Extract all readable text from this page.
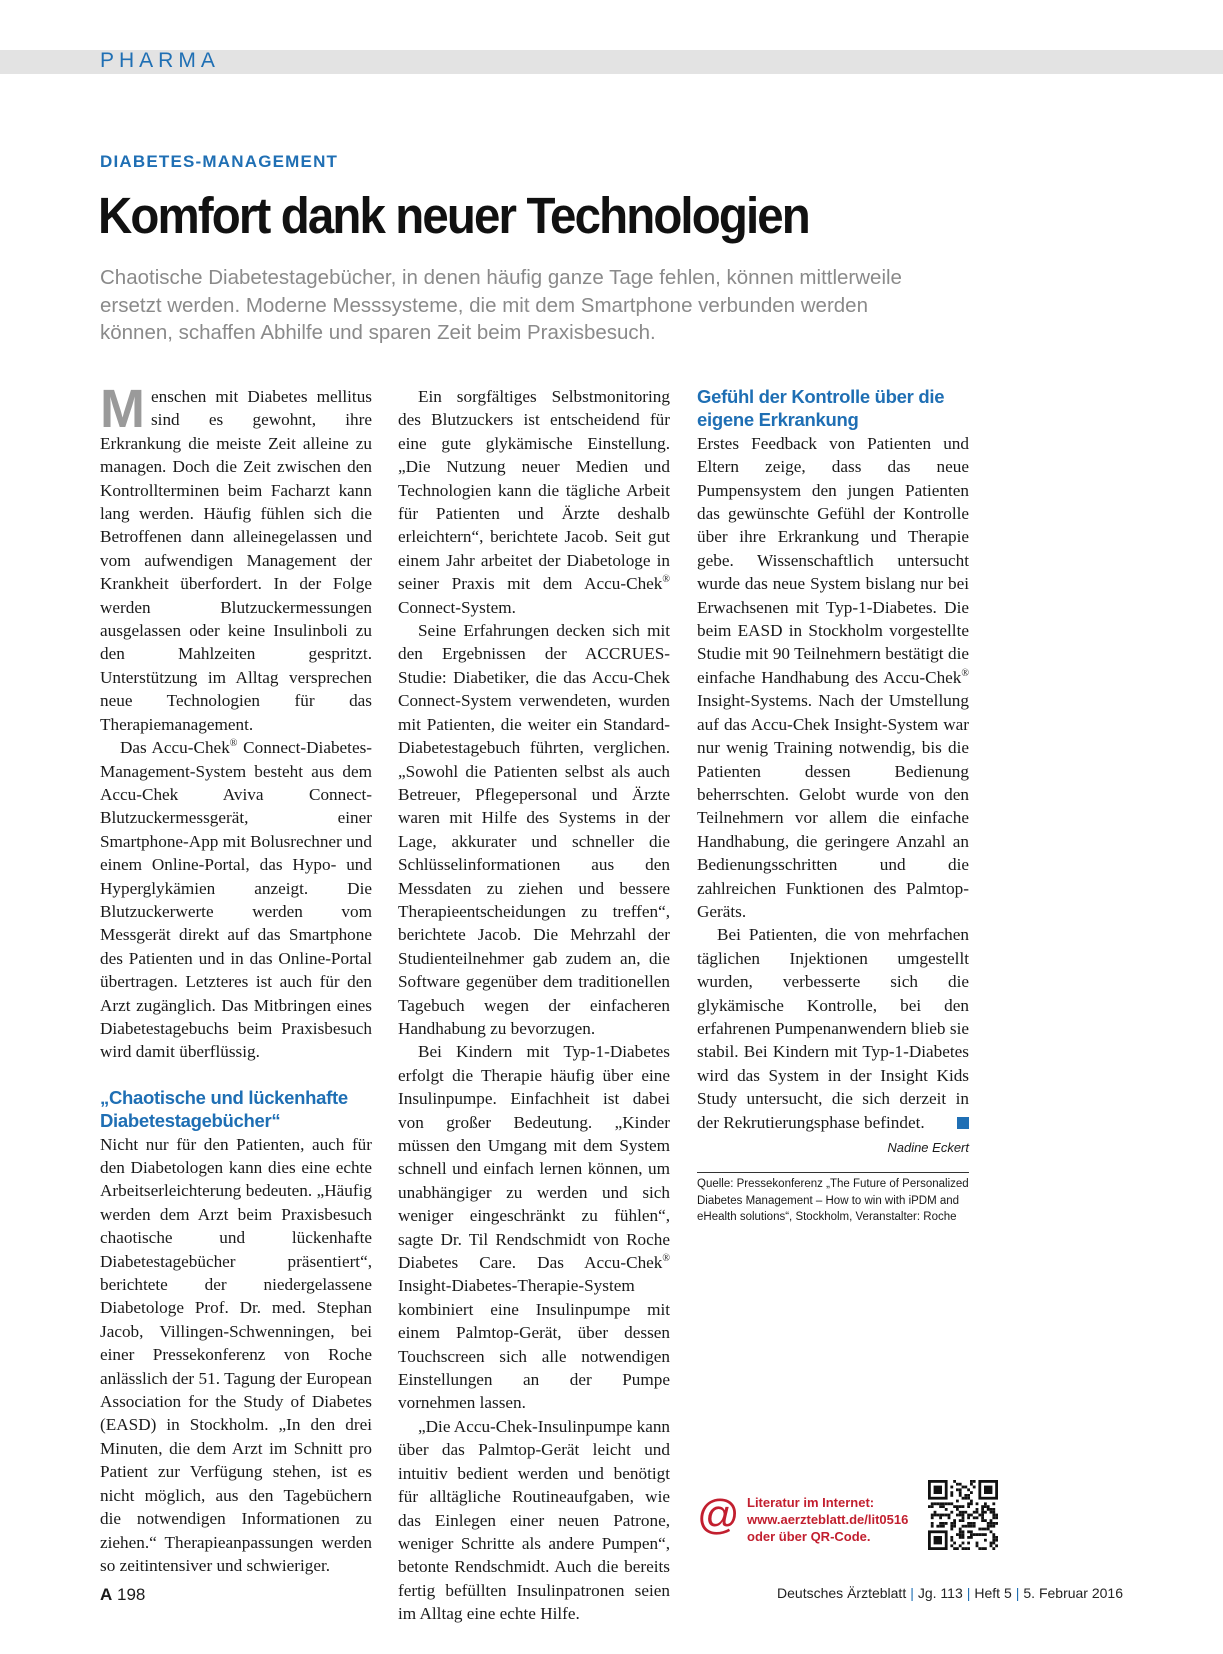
PHARMA
DIABETES-MANAGEMENT
Komfort dank neuer Technologien

Chaotische Diabetestagebücher, in denen häufig ganze Tage fehlen, können mittlerweile ersetzt werden. Moderne Messsysteme, die mit dem Smartphone verbunden werden können, schaffen Abhilfe und sparen Zeit beim Praxisbesuch.

Menschen mit Diabetes mellitus sind es gewohnt, ihre Erkrankung die meiste Zeit alleine zu managen. Doch die Zeit zwischen den Kontrollterminen beim Facharzt kann lang werden. Häufig fühlen sich die Betroffenen dann alleinegelassen und vom aufwendigen Management der Krankheit überfordert. In der Folge werden Blutzuckermessungen ausgelassen oder keine Insulinboli zu den Mahlzeiten gespritzt. Unterstützung im Alltag versprechen neue Technologien für das Therapiemanagement.

Das Accu-Chek® Connect-Diabetes-Management-System besteht aus dem Accu-Chek Aviva Connect-Blutzuckermessgerät, einer Smartphone-App mit Bolusrechner und einem Online-Portal, das Hypo- und Hyperglykämien anzeigt. Die Blutzuckerwerte werden vom Messgerät direkt auf das Smartphone des Patienten und in das Online-Portal übertragen. Letzteres ist auch für den Arzt zugänglich. Das Mitbringen eines Diabetestagebuchs beim Praxisbesuch wird damit überflüssig.

„Chaotische und lückenhafte Diabetestagebücher“

Nicht nur für den Patienten, auch für den Diabetologen kann dies eine echte Arbeitserleichterung bedeuten. „Häufig werden dem Arzt beim Praxisbesuch chaotische und lückenhafte Diabetestagebücher präsentiert“, berichtete der niedergelassene Diabetologe Prof. Dr. med. Stephan Jacob, Villingen-Schwenningen, bei einer Pressekonferenz von Roche anlässlich der 51. Tagung der European Association for the Study of Diabetes (EASD) in Stockholm. „In den drei Minuten, die dem Arzt im Schnitt pro Patient zur Verfügung stehen, ist es nicht möglich, aus den Tagebüchern die notwendigen Informationen zu ziehen.“ Therapieanpassungen werden so zeitintensiver und schwieriger.

Ein sorgfältiges Selbstmonitoring des Blutzuckers ist entscheidend für eine gute glykämische Einstellung. „Die Nutzung neuer Medien und Technologien kann die tägliche Arbeit für Patienten und Ärzte deshalb erleichtern“, berichtete Jacob. Seit gut einem Jahr arbeitet der Diabetologe in seiner Praxis mit dem Accu-Chek® Connect-System.

Seine Erfahrungen decken sich mit den Ergebnissen der ACCRUES-Studie: Diabetiker, die das Accu-Chek Connect-System verwendeten, wurden mit Patienten, die weiter ein Standard-Diabetestagebuch führten, verglichen. „Sowohl die Patienten selbst als auch Betreuer, Pflegepersonal und Ärzte waren mit Hilfe des Systems in der Lage, akkurater und schneller die Schlüsselinformationen aus den Messdaten zu ziehen und bessere Therapieentscheidungen zu treffen“, berichtete Jacob. Die Mehrzahl der Studienteilnehmer gab zudem an, die Software gegenüber dem traditionellen Tagebuch wegen der einfacheren Handhabung zu bevorzugen.

Bei Kindern mit Typ-1-Diabetes erfolgt die Therapie häufig über eine Insulinpumpe. Einfachheit ist dabei von großer Bedeutung. „Kinder müssen den Umgang mit dem System schnell und einfach lernen können, um unabhängiger zu werden und sich weniger eingeschränkt zu fühlen“, sagte Dr. Til Rendschmidt von Roche Diabetes Care. Das Accu-Chek® Insight-Diabetes-Therapie-System kombiniert eine Insulinpumpe mit einem Palmtop-Gerät, über dessen Touchscreen sich alle notwendigen Einstellungen an der Pumpe vornehmen lassen.

„Die Accu-Chek-Insulinpumpe kann über das Palmtop-Gerät leicht und intuitiv bedient werden und benötigt für alltägliche Routineaufgaben, wie das Einlegen einer neuen Patrone, weniger Schritte als andere Pumpen“, betonte Rendschmidt. Auch die bereits fertig befüllten Insulinpatronen seien im Alltag eine echte Hilfe.

Gefühl der Kontrolle über die eigene Erkrankung

Erstes Feedback von Patienten und Eltern zeige, dass das neue Pumpensystem den jungen Patienten das gewünschte Gefühl der Kontrolle über ihre Erkrankung und Therapie gebe. Wissenschaftlich untersucht wurde das neue System bislang nur bei Erwachsenen mit Typ-1-Diabetes. Die beim EASD in Stockholm vorgestellte Studie mit 90 Teilnehmern bestätigt die einfache Handhabung des Accu-Chek® Insight-Systems. Nach der Umstellung auf das Accu-Chek Insight-System war nur wenig Training notwendig, bis die Patienten dessen Bedienung beherrschten. Gelobt wurde von den Teilnehmern vor allem die einfache Handhabung, die geringere Anzahl an Bedienungsschritten und die zahlreichen Funktionen des Palmtop-Geräts.

Bei Patienten, die von mehrfachen täglichen Injektionen umgestellt wurden, verbesserte sich die glykämische Kontrolle, bei den erfahrenen Pumpenanwendern blieb sie stabil. Bei Kindern mit Typ-1-Diabetes wird das System in der Insight Kids Study untersucht, die sich derzeit in der Rekrutierungsphase befindet.

Nadine Eckert
Quelle: Pressekonferenz „The Future of Personalized Diabetes Management – How to win with iPDM and eHealth solutions“, Stockholm, Veranstalter: Roche
@ Literatur im Internet:
www.aerzteblatt.de/lit0516
oder über QR-Code.
A 198	Deutsches Ärzteblatt | Jg. 113 | Heft 5 | 5. Februar 2016
